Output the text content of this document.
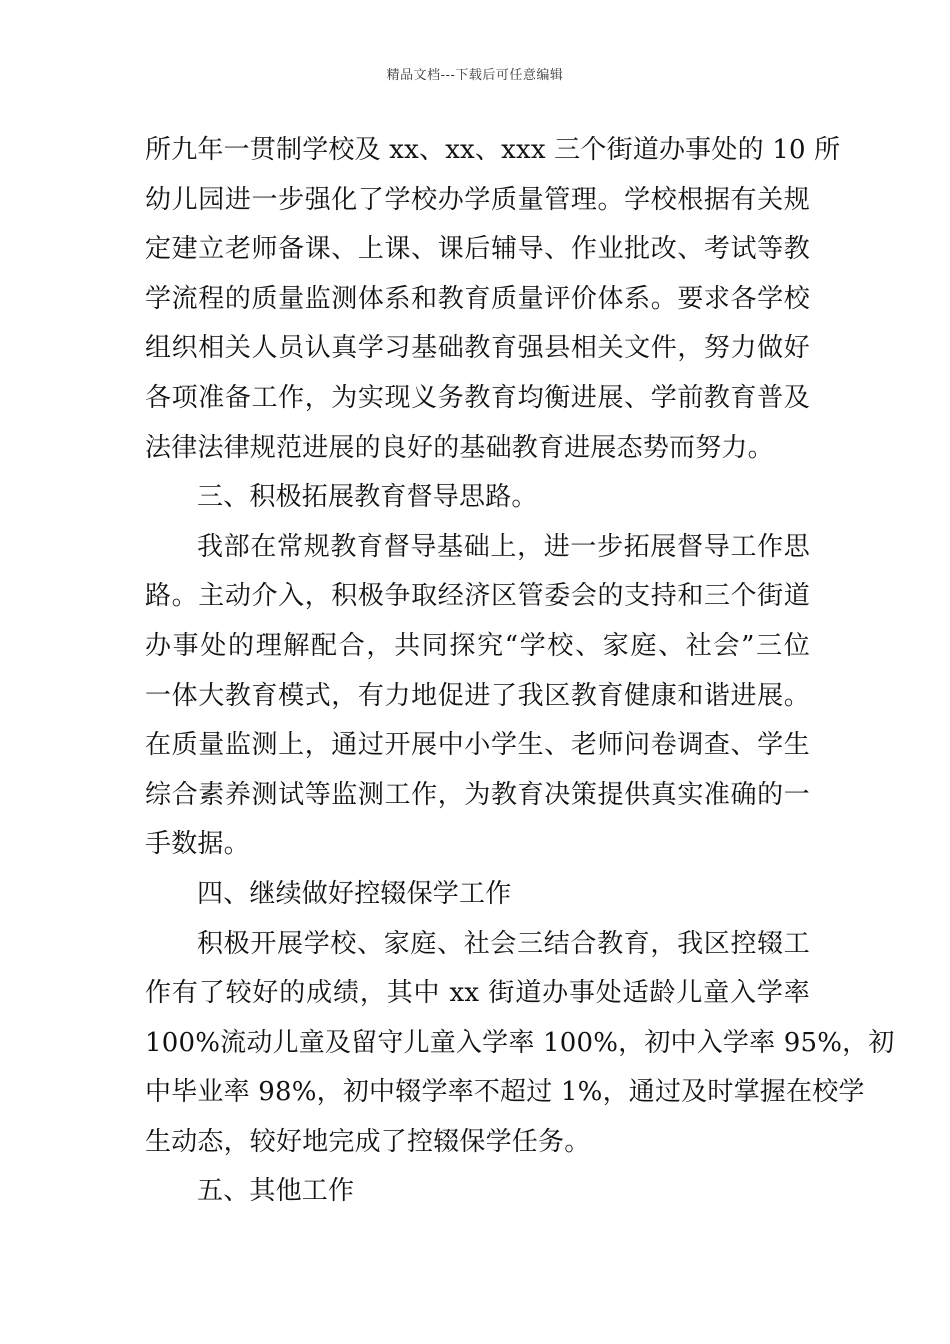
精品文档---下载后可任意编辑
所九年一贯制学校及 xx、xx、xxx 三个街道办事处的 10 所
幼儿园进一步强化了学校办学质量管理。学校根据有关规
定建立老师备课、上课、课后辅导、作业批改、考试等教
学流程的质量监测体系和教育质量评价体系。要求各学校
组织相关人员认真学习基础教育强县相关文件，努力做好
各项准备工作，为实现义务教育均衡进展、学前教育普及
法律法律规范进展的良好的基础教育进展态势而努力。
三、积极拓展教育督导思路。
我部在常规教育督导基础上，进一步拓展督导工作思
路。主动介入，积极争取经济区管委会的支持和三个街道
办事处的理解配合，共同探究“学校、家庭、社会”三位
一体大教育模式，有力地促进了我区教育健康和谐进展。
在质量监测上，通过开展中小学生、老师问卷调查、学生
综合素养测试等监测工作，为教育决策提供真实准确的一
手数据。
四、继续做好控辍保学工作
积极开展学校、家庭、社会三结合教育，我区控辍工
作有了较好的成绩，其中 xx 街道办事处适龄儿童入学率
100%流动儿童及留守儿童入学率 100%，初中入学率 95%，初
中毕业率 98%，初中辍学率不超过 1%，通过及时掌握在校学
生动态，较好地完成了控辍保学任务。
五、其他工作
